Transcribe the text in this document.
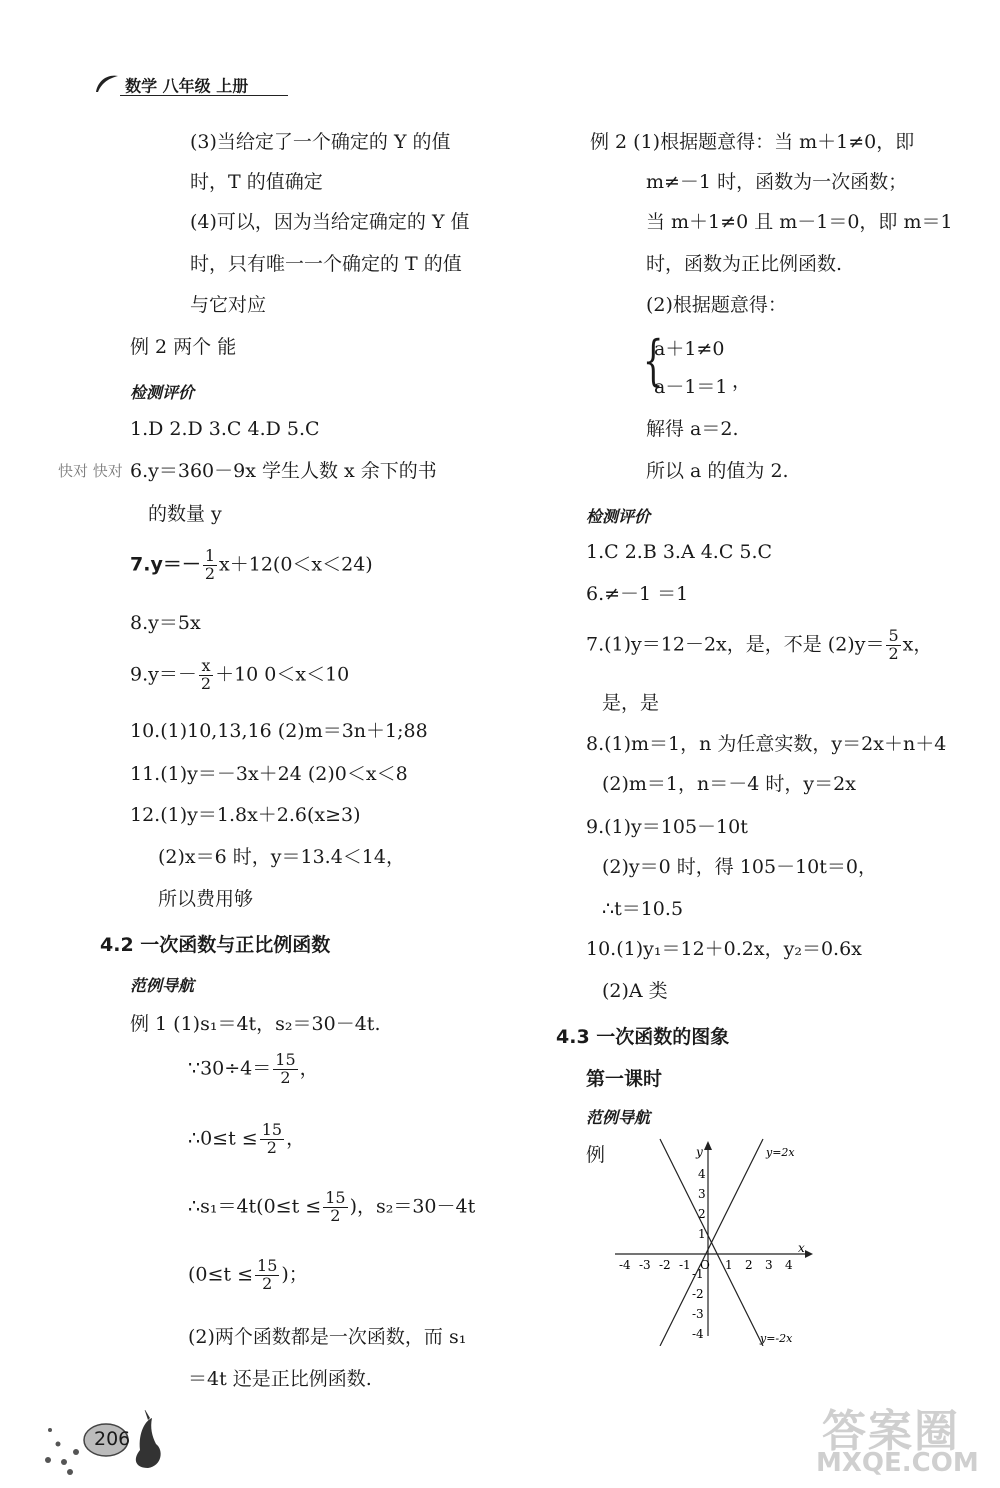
数学 八年级 上册
(3)当给定了一个确定的 Y 的值
时，T 的值确定
(4)可以，因为当给定确定的 Y 值
时，只有唯一一个确定的 T 的值
与它对应
例 2 两个 能
检测评价
1.D 2.D 3.C 4.D 5.C
6.y＝360－9x 学生人数 x 余下的书
快对 快对
的数量 y
$7.y=- \frac{1}{2} x+12(0<x<24)$
8.y＝5x
$9.y=- \frac{x}{2} +10$ 0＜x＜10
10.(1)10,13,16 (2)m＝3n＋1;88
11.(1)y＝－3x＋24 (2)0＜x＜8
12.(1)y＝1.8x＋2.6(x≥3)
(2)x＝6 时，y＝13.4＜14，
所以费用够
4.2 一次函数与正比例函数
范例导航
例 1 (1)s₁＝4t，s₂＝30－4t.
∵30÷4＝ $\frac{15}{2}$ ，
∴0≤t ≤ $\frac{15}{2}$ ，
∴s₁＝4t(0≤t ≤ $\frac{15}{2}$ )，s₂＝30－4t
($0\le t \le \frac{15}{2}$ )；
(2)两个函数都是一次函数，而 s₁
＝4t 还是正比例函数.
206
例 2 (1)根据题意得：当 m＋1≠0，即
m≠－1 时，函数为一次函数；
当 m＋1≠0 且 m－1＝0，即 m＝1
时，函数为正比例函数.
(2)根据题意得：
{
a＋1≠0
a－1＝1 ，
解得 a＝2.
所以 a 的值为 2.
检测评价
1.C 2.B 3.A 4.C 5.C
6.≠－1 ＝1
7.(1)y＝12－2x，是，不是 $(2)y= \frac{5}{2}$ x，
是，是
8.(1)m＝1，n 为任意实数，y＝2x＋n＋4
(2)m＝1，n＝－4 时，y＝2x
9.(1)y＝105－10t
(2)y＝0 时，得 105－10t＝0，
∴t＝10.5
10.(1)y₁＝12＋0.2x，y₂＝0.6x
(2)A 类
4.3 一次函数的图象
第一课时
范例导航
例
x
y
-4 -3 -2 -1 O 1 2 3 4
4
3
2
1
-1
-2
-3
-4
y=2x
y=-2x
答案圈
MXQE.COM
